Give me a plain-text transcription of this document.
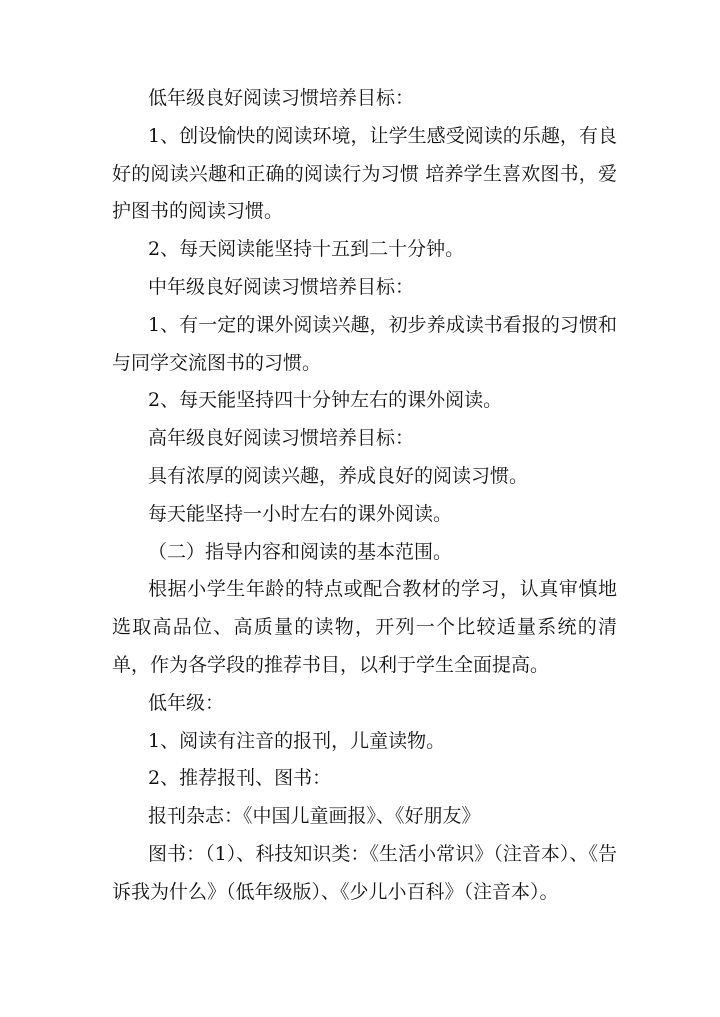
低年级良好阅读习惯培养目标：

1、创设愉快的阅读环境，让学生感受阅读的乐趣，有良好的阅读兴趣和正确的阅读行为习惯 培养学生喜欢图书，爱护图书的阅读习惯。

2、每天阅读能坚持十五到二十分钟。

中年级良好阅读习惯培养目标：

1、有一定的课外阅读兴趣，初步养成读书看报的习惯和与同学交流图书的习惯。

2、每天能坚持四十分钟左右的课外阅读。

高年级良好阅读习惯培养目标：

具有浓厚的阅读兴趣，养成良好的阅读习惯。

每天能坚持一小时左右的课外阅读。

（二）指导内容和阅读的基本范围。

根据小学生年龄的特点或配合教材的学习，认真审慎地选取高品位、高质量的读物，开列一个比较适量系统的清单，作为各学段的推荐书目，以利于学生全面提高。

低年级：

1、阅读有注音的报刊，儿童读物。

2、推荐报刊、图书：

报刊杂志：《中国儿童画报》、《好朋友》

图书：（1）、科技知识类：《生活小常识》（注音本）、《告诉我为什么》（低年级版）、《少儿小百科》（注音本）。
